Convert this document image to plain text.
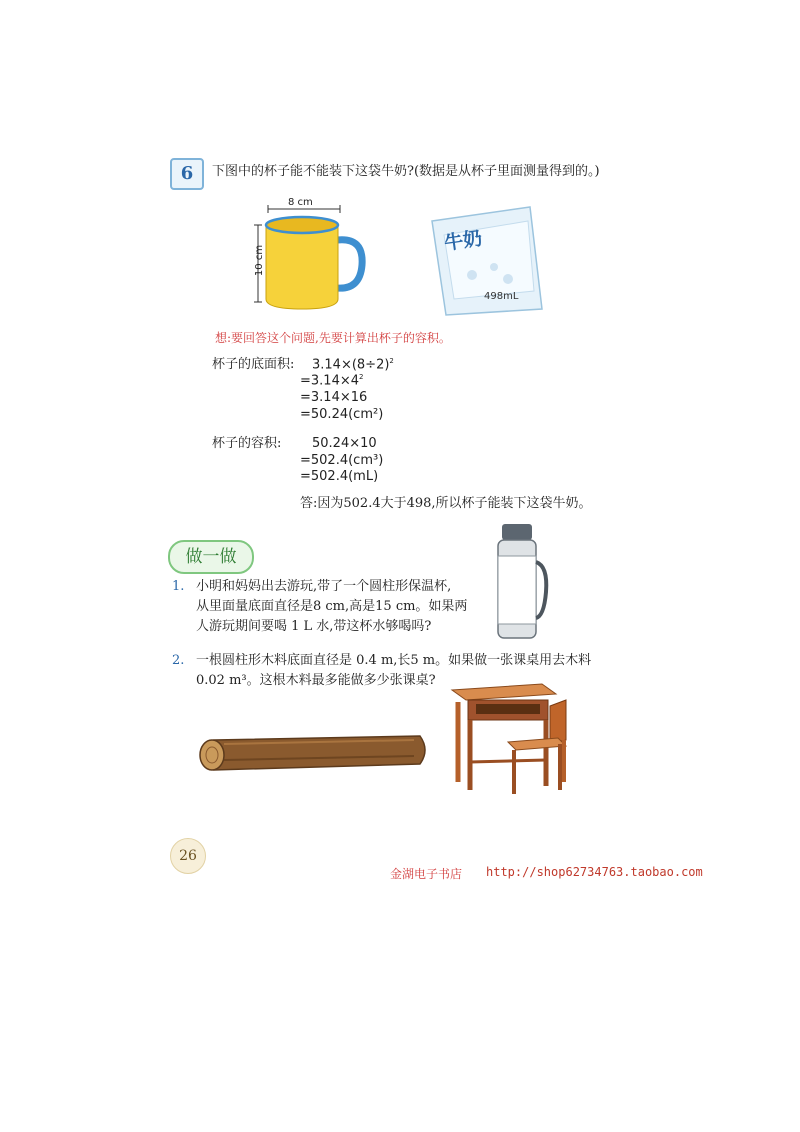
6	下图中的杯子能不能装下这袋牛奶?(数据是从杯子里面测量得到的。)
8 cm
10 cm
牛奶
498mL
想:要回答这个问题,先要计算出杯子的容积。
杯子的底面积: $3.14\times(8\div 2)^2$
$=3.14\times 4^2$
=3.14×16
=50.24(cm²)
杯子的容积: 50.24×10
=502.4(cm³)
=502.4(mL)
答:因为502.4大于498,所以杯子能装下这袋牛奶。
做一做
1. 小明和妈妈出去游玩,带了一个圆柱形保温杯,
从里面量底面直径是8 cm,高是15 cm。如果两
人游玩期间要喝 1 L 水,带这杯水够喝吗?
2. 一根圆柱形木料底面直径是 0.4 m,长5 m。如果做一张课桌用去木料
0.02 m³。这根木料最多能做多少张课桌?
26
金湖电子书店 http://shop62734763.taobao.com
